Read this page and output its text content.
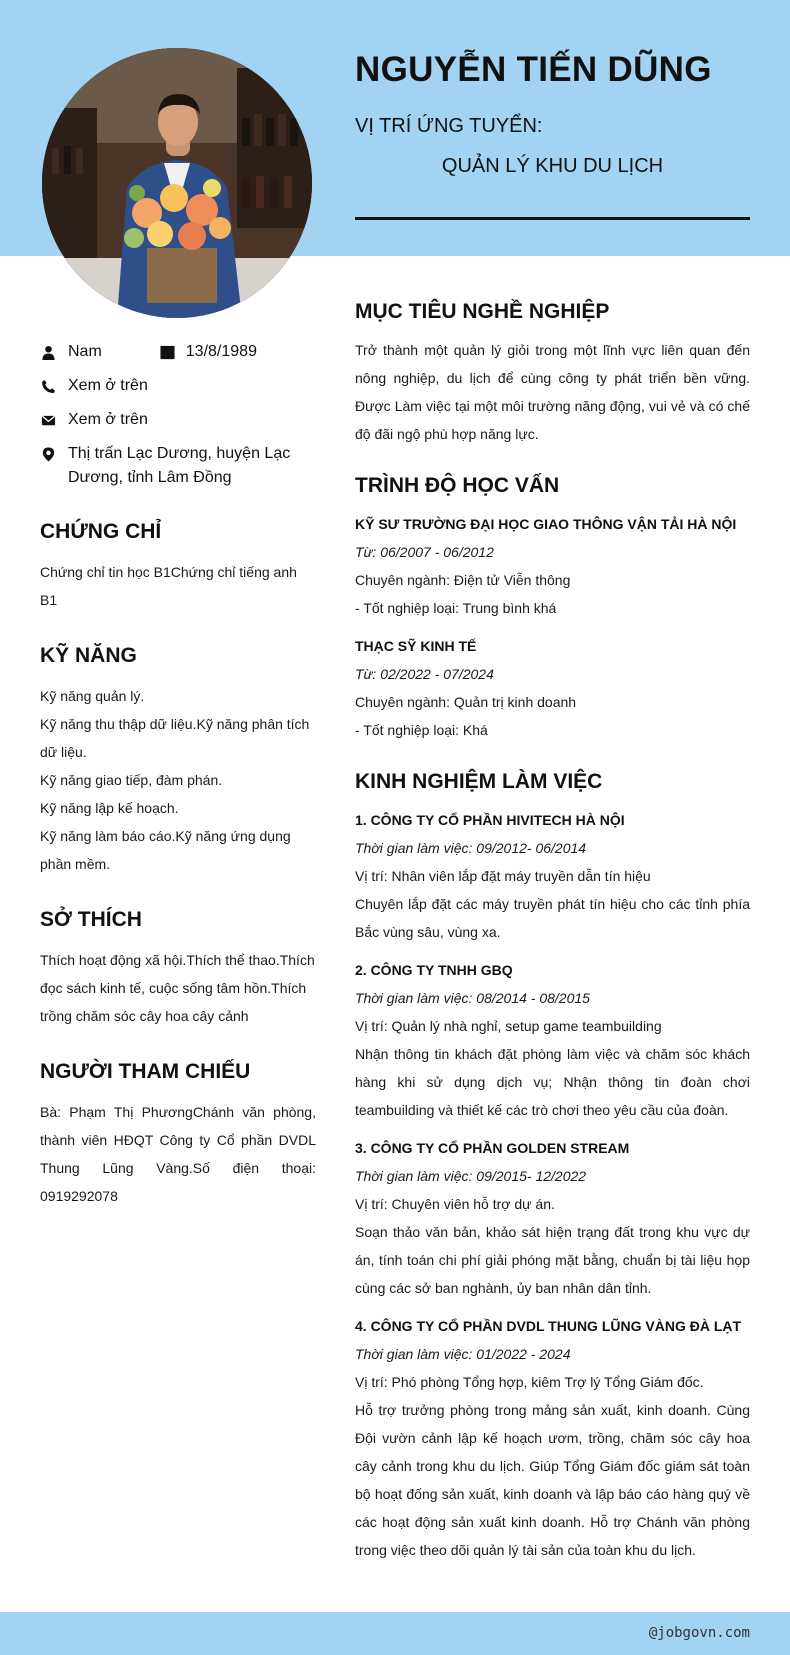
NGUYỄN TIẾN DŨNG
VỊ TRÍ ỨNG TUYỂN:
QUẢN LÝ KHU DU LỊCH
Nam	13/8/1989
Xem ở trên
Xem ở trên
Thị trấn Lạc Dương, huyện Lạc Dương, tỉnh Lâm Đồng
CHỨNG CHỈ
Chứng chỉ tin học B1Chứng chỉ tiếng anh B1
KỸ NĂNG
Kỹ năng quản lý.
Kỹ năng thu thập dữ liệu.Kỹ năng phân tích dữ liệu.
Kỹ năng giao tiếp, đàm phán.
Kỹ năng lập kế hoạch.
Kỹ năng làm báo cáo.Kỹ năng ứng dụng phần mềm.
SỞ THÍCH
Thích hoạt động xã hội.Thích thể thao.Thích đọc sách kinh tế, cuộc sống tâm hồn.Thích trồng chăm sóc cây hoa cây cảnh
NGƯỜI THAM CHIẾU
Bà: Phạm Thị PhươngChánh văn phòng, thành viên HĐQT Công ty Cổ phần DVDL Thung Lũng Vàng.Số điện thoại: 0919292078
MỤC TIÊU NGHỀ NGHIỆP
Trở thành một quản lý giỏi trong một lĩnh vực liên quan đến nông nghiệp, du lịch để cùng công ty phát triển bền vững. Được Làm việc tại một môi trường năng động, vui vẻ và có chế độ đãi ngộ phù hợp năng lực.
TRÌNH ĐỘ HỌC VẤN
KỸ SƯ TRƯỜNG ĐẠI HỌC GIAO THÔNG VẬN TẢI HÀ NỘI
Từ: 06/2007 - 06/2012
Chuyên ngành: Điện tử Viễn thông
- Tốt nghiệp loại: Trung bình khá
THẠC SỸ KINH TẾ
Từ: 02/2022 - 07/2024
Chuyên ngành: Quản trị kinh doanh
- Tốt nghiệp loại: Khá
KINH NGHIỆM LÀM VIỆC
1. CÔNG TY CỔ PHẦN HIVITECH HÀ NỘI
Thời gian làm việc: 09/2012- 06/2014
Vị trí: Nhân viên lắp đặt máy truyền dẫn tín hiệu
Chuyên lắp đặt các máy truyền phát tín hiệu cho các tỉnh phía Bắc vùng sâu, vùng xa.
2. CÔNG TY TNHH GBQ
Thời gian làm việc: 08/2014 - 08/2015
Vị trí: Quản lý nhà nghỉ, setup game teambuilding
Nhận thông tin khách đặt phòng làm việc và chăm sóc khách hàng khi sử dụng dịch vụ; Nhận thông tin đoàn chơi teambuilding và thiết kế các trò chơi theo yêu cầu của đoàn.
3. CÔNG TY CỔ PHẦN GOLDEN STREAM
Thời gian làm việc: 09/2015- 12/2022
Vị trí: Chuyên viên hỗ trợ dự án.
Soạn thảo văn bản, khảo sát hiện trạng đất trong khu vực dự án, tính toán chi phí giải phóng mặt bằng, chuẩn bị tài liệu họp cùng các sở ban nghành, ủy ban nhân dân tỉnh.
4. CÔNG TY CỔ PHẦN DVDL THUNG LŨNG VÀNG ĐÀ LẠT
Thời gian làm việc: 01/2022 - 2024
Vị trí: Phó phòng Tổng hợp, kiêm Trợ lý Tổng Giám đốc.
Hỗ trợ trưởng phòng trong mảng sản xuất, kinh doanh. Cùng Đội vườn cảnh lập kế hoạch ươm, trồng, chăm sóc cây hoa cây cảnh trong khu du lịch. Giúp Tổng Giám đốc giám sát toàn bộ hoạt đống sản xuất, kinh doanh và lập báo cáo hàng quý về các hoạt động sản xuất kinh doanh. Hỗ trợ Chánh văn phòng trong việc theo dõi quản lý tài sản của toàn khu du lịch.
@jobgovn.com
